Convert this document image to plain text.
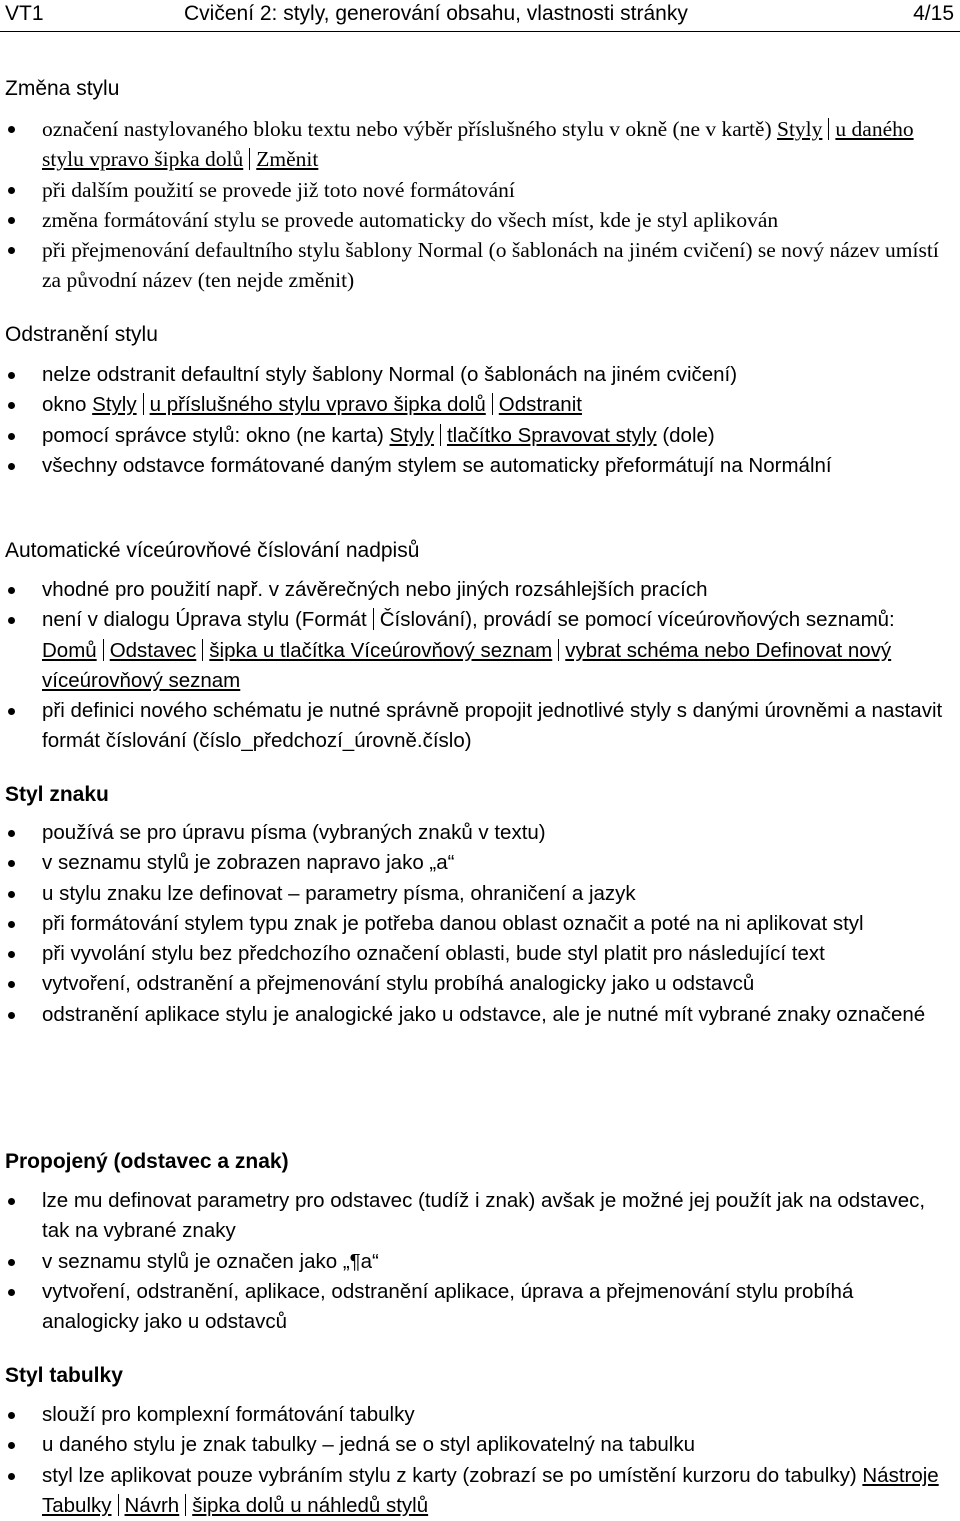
VT1	Cvičení 2: styly, generování obsahu, vlastnosti stránky	4/15
Změna stylu
označení nastylovaného bloku textu nebo výběr příslušného stylu v okně (ne v kartě) Styly u daného stylu vpravo šipka dolů Změnit
při dalším použití se provede již toto nové formátování
změna formátování stylu se provede automaticky do všech míst, kde je styl aplikován
při přejmenování defaultního stylu šablony Normal (o šablonách na jiném cvičení) se nový název umístí za původní název (ten nejde změnit)
Odstranění stylu
nelze odstranit defaultní styly šablony Normal (o šablonách na jiném cvičení)
okno Styly u příslušného stylu vpravo šipka dolů Odstranit
pomocí správce stylů: okno (ne karta) Styly tlačítko Spravovat styly (dole)
všechny odstavce formátované daným stylem se automaticky přeformátují na Normální
Automatické víceúrovňové číslování nadpisů
vhodné pro použití např. v závěrečných nebo jiných rozsáhlejších pracích
není v dialogu Úprava stylu (Formát Číslování), provádí se pomocí víceúrovňových seznamů: Domů Odstavec šipka u tlačítka Víceúrovňový seznam vybrat schéma nebo Definovat nový víceúrovňový seznam
při definici nového schématu je nutné správně propojit jednotlivé styly s danými úrovněmi a nastavit formát číslování (číslo_předchozí_úrovně.číslo)
Styl znaku
používá se pro úpravu písma (vybraných znaků v textu)
v seznamu stylů je zobrazen napravo jako „a“
u stylu znaku lze definovat – parametry písma, ohraničení a jazyk
při formátování stylem typu znak je potřeba danou oblast označit a poté na ni aplikovat styl
při vyvolání stylu bez předchozího označení oblasti, bude styl platit pro následující text
vytvoření, odstranění a přejmenování stylu probíhá analogicky jako u odstavců
odstranění aplikace stylu je analogické jako u odstavce, ale je nutné mít vybrané znaky označené
Propojený (odstavec a znak)
lze mu definovat parametry pro odstavec (tudíž i znak) avšak je možné jej použít jak na odstavec, tak na vybrané znaky
v seznamu stylů je označen jako „¶a“
vytvoření, odstranění, aplikace, odstranění aplikace, úprava a přejmenování stylu probíhá analogicky jako u odstavců
Styl tabulky
slouží pro komplexní formátování tabulky
u daného stylu je znak tabulky – jedná se o styl aplikovatelný na tabulku
styl lze aplikovat pouze vybráním stylu z karty (zobrazí se po umístění kurzoru do tabulky) Nástroje Tabulky Návrh šipka dolů u náhledů stylů
